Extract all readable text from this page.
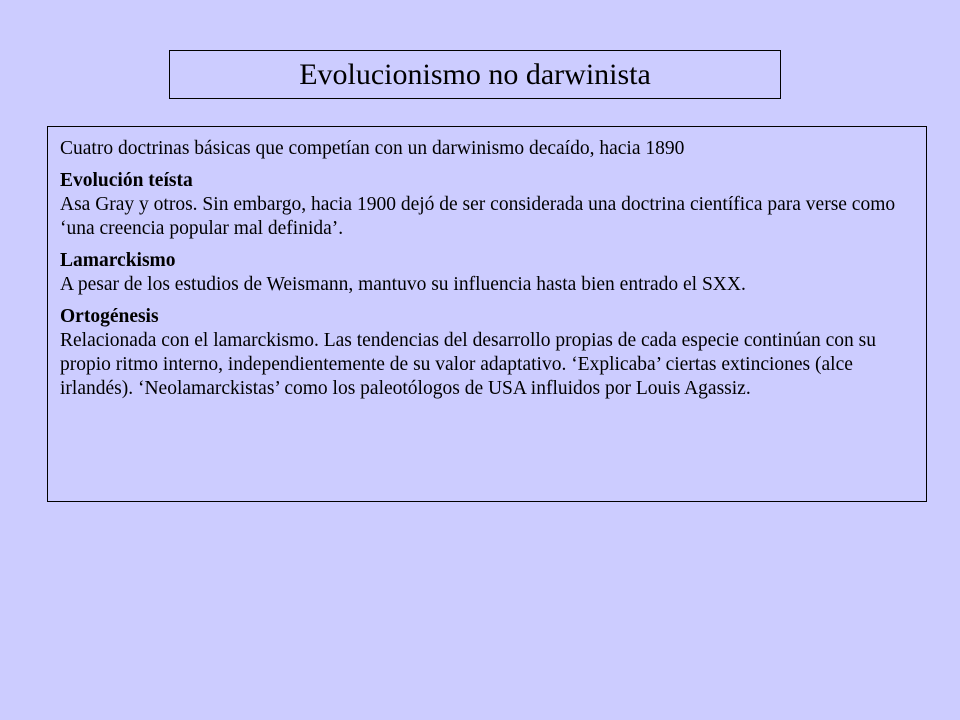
Evolucionismo no darwinista

Cuatro doctrinas básicas que competían con un darwinismo decaído, hacia 1890

Evolución teísta
Asa Gray y otros. Sin embargo, hacia 1900 dejó de ser considerada una doctrina científica para verse como ‘una creencia popular mal definida’.
Lamarckismo
A pesar de los estudios de Weismann, mantuvo su influencia hasta bien entrado el SXX.
Ortogénesis
Relacionada con el lamarckismo. Las tendencias del desarrollo propias de cada especie continúan con su propio ritmo interno, independientemente de su valor adaptativo. ‘Explicaba’ ciertas extinciones (alce irlandés). ‘Neolamarckistas’ como los paleotólogos de USA influidos por Louis Agassiz.
